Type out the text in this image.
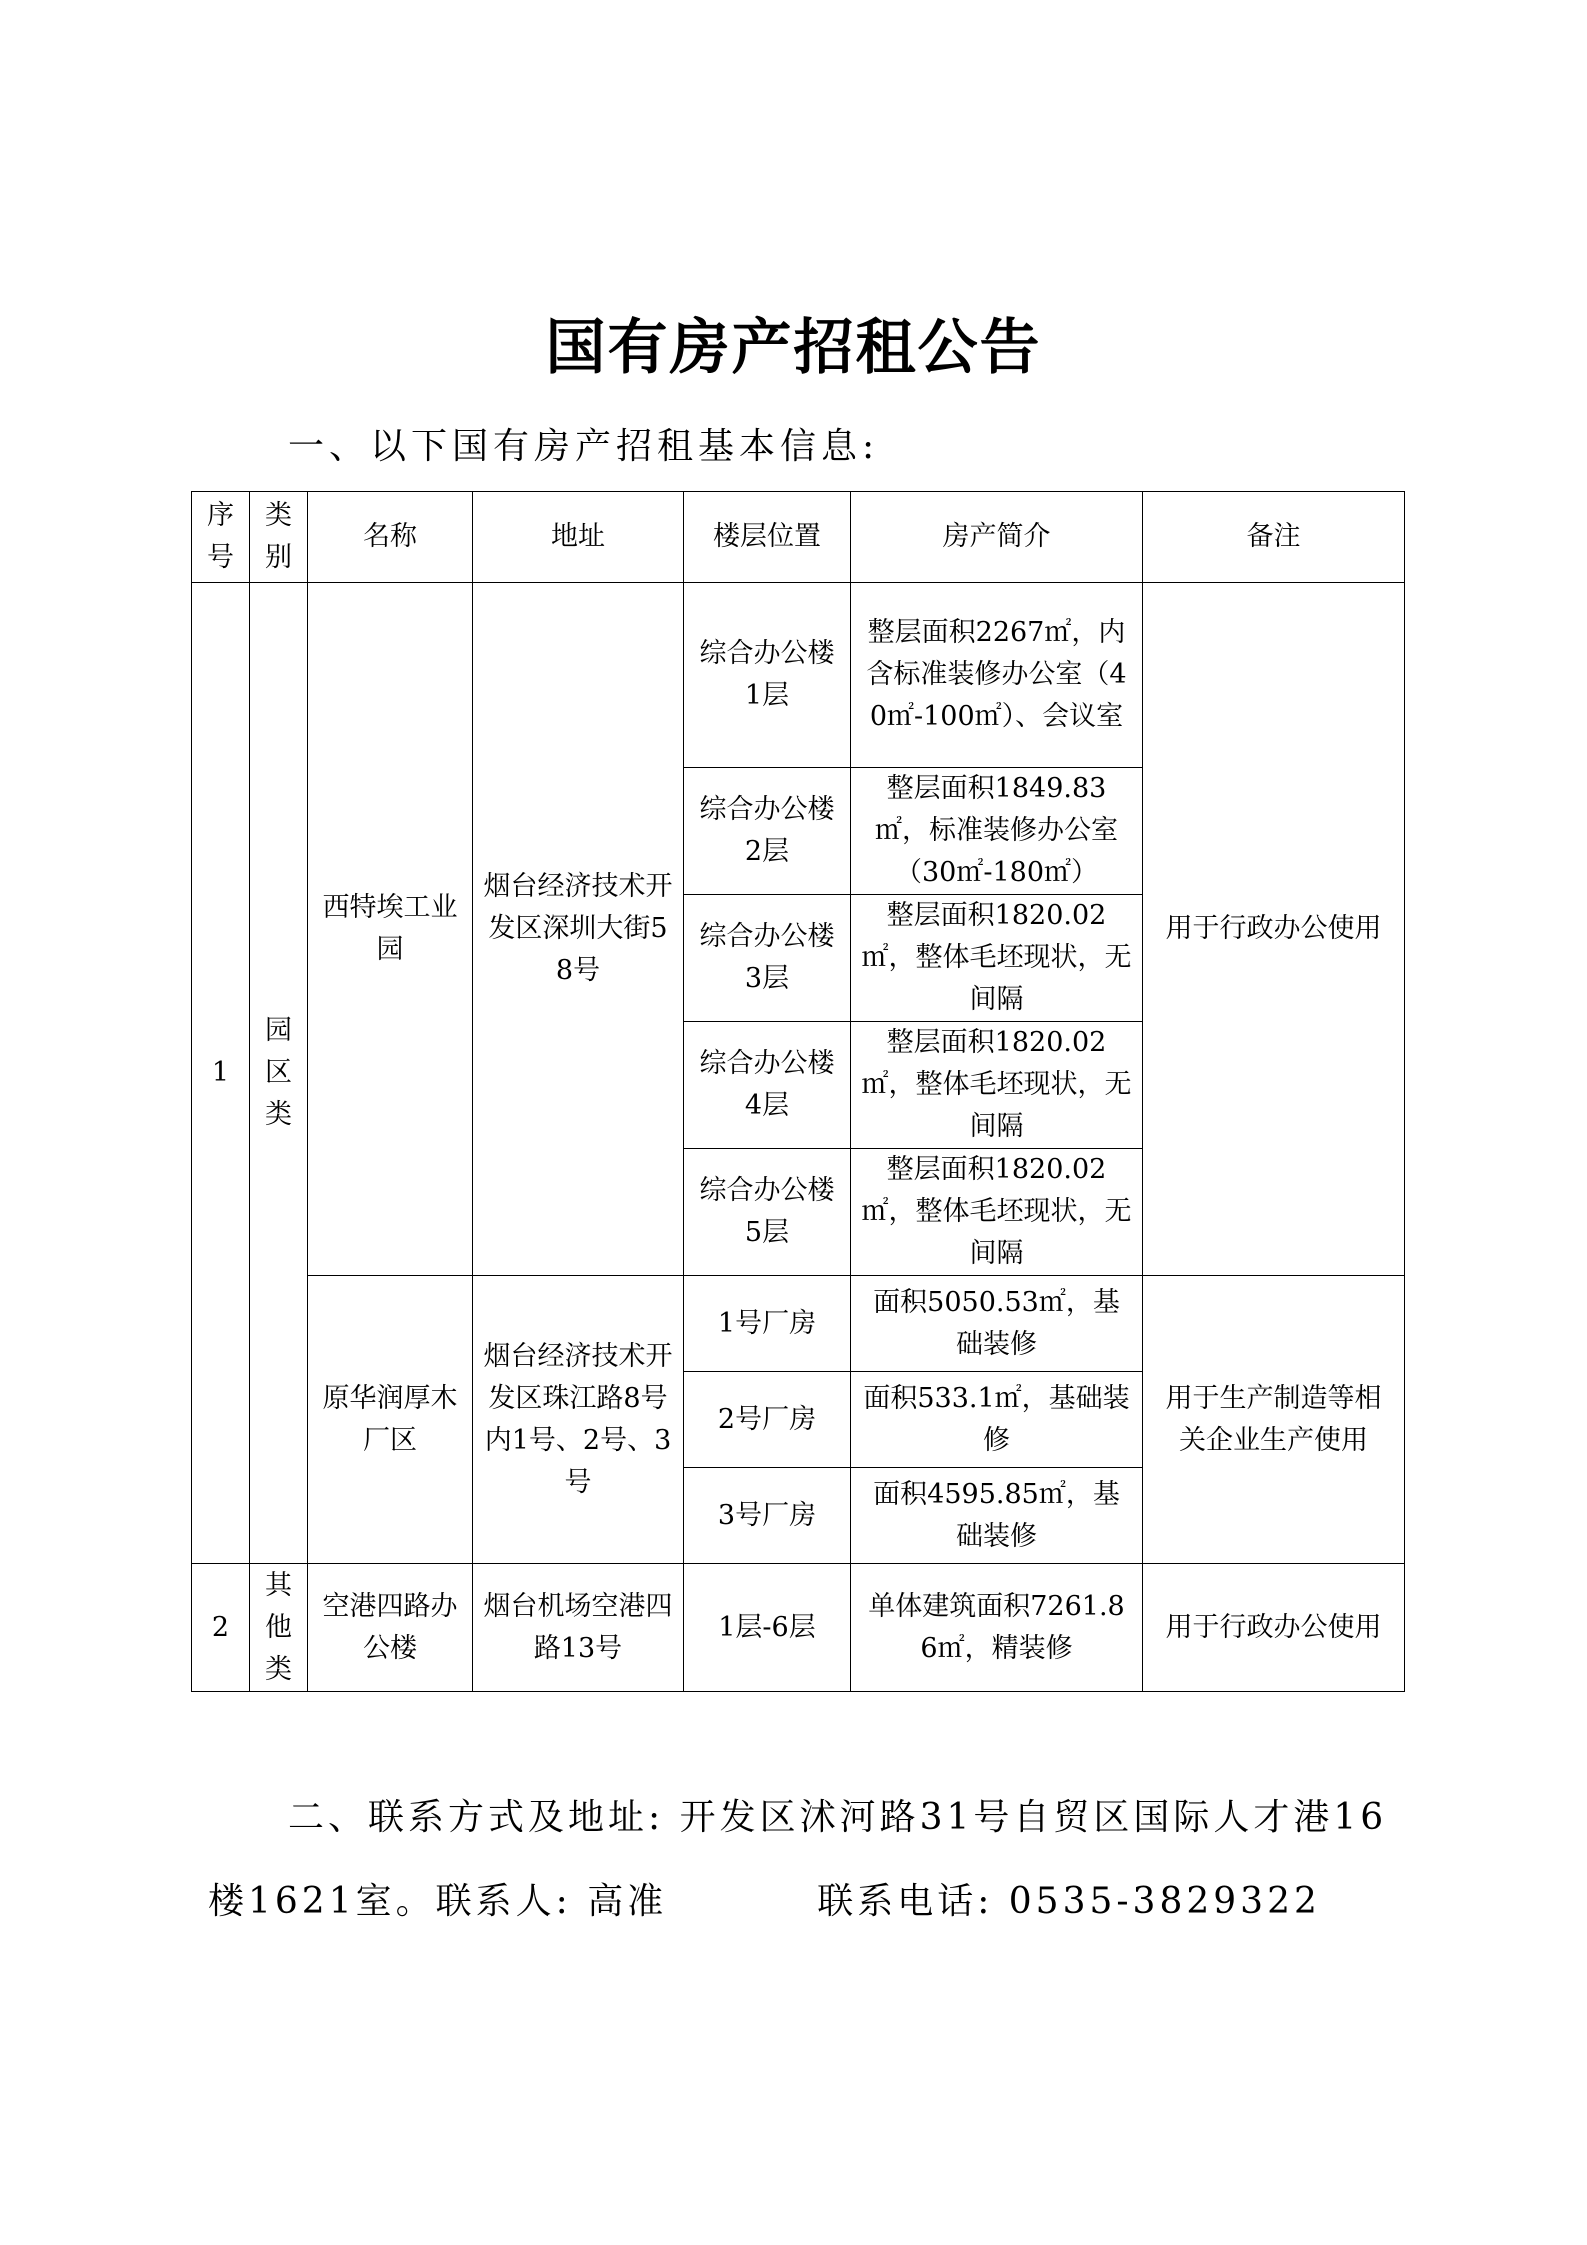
国有房产招租公告
一、以下国有房产招租基本信息:
序号	类别	名称	地址	楼层位置	房产简介	备注
1	园区类	西特埃工业园	烟台经济技术开发区深圳大街58号	综合办公楼1层	整层面积2267㎡，内含标准装修办公室（40㎡-100㎡）、会议室	用于行政办公使用
				综合办公楼2层	整层面积1849.83㎡，标准装修办公室（30㎡-180㎡）	
				综合办公楼3层	整层面积1820.02㎡，整体毛坯现状，无间隔	
				综合办公楼4层	整层面积1820.02㎡，整体毛坯现状，无间隔	
				综合办公楼5层	整层面积1820.02㎡，整体毛坯现状，无间隔	
		原华润厚木厂区	烟台经济技术开发区珠江路8号内1号、2号、3号	1号厂房	面积5050.53㎡，基础装修	用于生产制造等相关企业生产使用
				2号厂房	面积533.1㎡，基础装修	
				3号厂房	面积4595.85㎡，基础装修	
2	其他类	空港四路办公楼	烟台机场空港四路13号	1层-6层	单体建筑面积7261.86㎡，精装修	用于行政办公使用
二、联系方式及地址: 开发区沭河路31号自贸区国际人才港16
楼1621室。联系人: 高准	联系电话: 0535-3829322
